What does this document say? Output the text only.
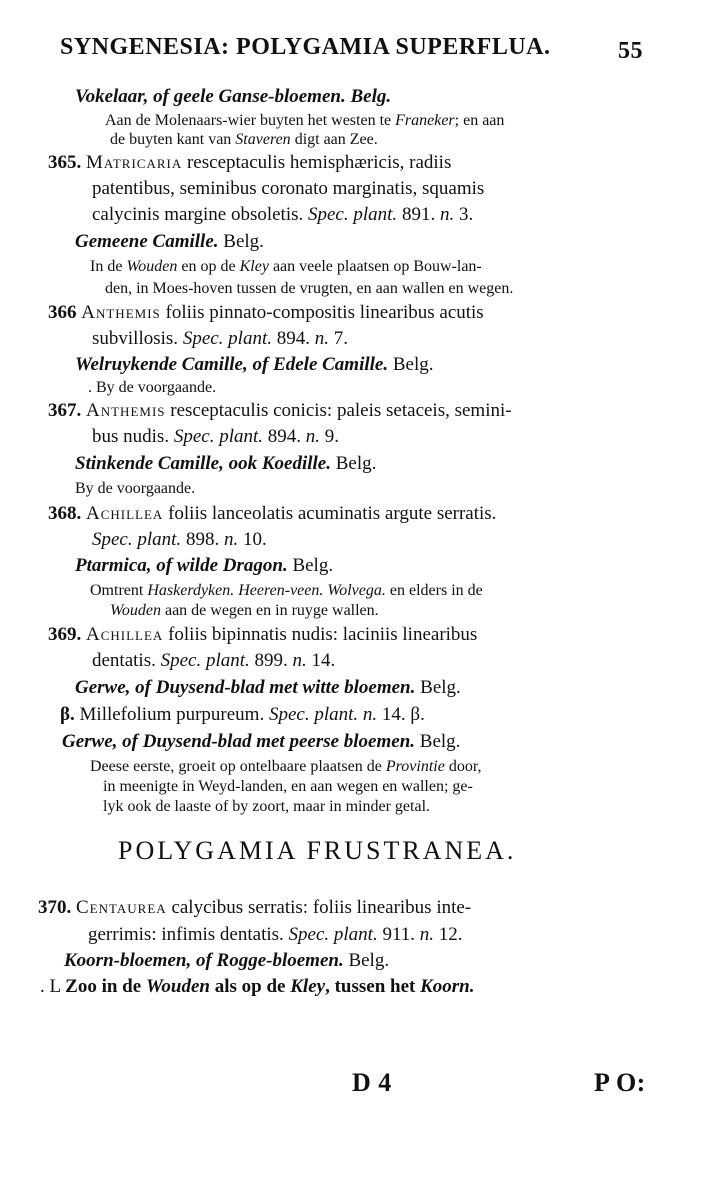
SYNGENESIA: POLYGAMIA SUPERFLUA.	55
Vokelaar, of geele Ganse-bloemen. Belg.
Aan de Molenaars-wier buyten het westen te Franeker; en aan
de buyten kant van Staveren digt aan Zee.
365. Matricaria resceptaculis hemisphæricis, radiis
patentibus, seminibus coronato marginatis, squamis
calycinis margine obsoletis. Spec. plant. 891. n. 3.
Gemeene Camille. Belg.
In de Wouden en op de Kley aan veele plaatsen op Bouw-lan-
den, in Moes-hoven tussen de vrugten, en aan wallen en wegen.
366 Anthemis foliis pinnato-compositis linearibus acutis
subvillosis. Spec. plant. 894. n. 7.
Welruykende Camille, of Edele Camille. Belg.
. By de voorgaande.
367. Anthemis resceptaculis conicis: paleis setaceis, semini-
bus nudis. Spec. plant. 894. n. 9.
Stinkende Camille, ook Koedille. Belg.
By de voorgaande.
368. Achillea foliis lanceolatis acuminatis argute serratis.
Spec. plant. 898. n. 10.
Ptarmica, of wilde Dragon. Belg.
Omtrent Haskerdyken. Heeren-veen. Wolvega. en elders in de
Wouden aan de wegen en in ruyge wallen.
369. Achillea foliis bipinnatis nudis: laciniis linearibus
dentatis. Spec. plant. 899. n. 14.
Gerwe, of Duysend-blad met witte bloemen. Belg.
β. Millefolium purpureum. Spec. plant. n. 14. β.
Gerwe, of Duysend-blad met peerse bloemen. Belg.
Deese eerste, groeit op ontelbaare plaatsen de Provintie door,
in meenigte in Weyd-landen, en aan wegen en wallen; ge-
lyk ook de laaste of by zoort, maar in minder getal.
POLYGAMIA FRUSTRANEA.
370. Centaurea calycibus serratis: foliis linearibus inte-
gerrimis: infimis dentatis. Spec. plant. 911. n. 12.
Koorn-bloemen, of Rogge-bloemen. Belg.
. L Zoo in de Wouden als op de Kley, tussen het Koorn.
D 4	P O:
